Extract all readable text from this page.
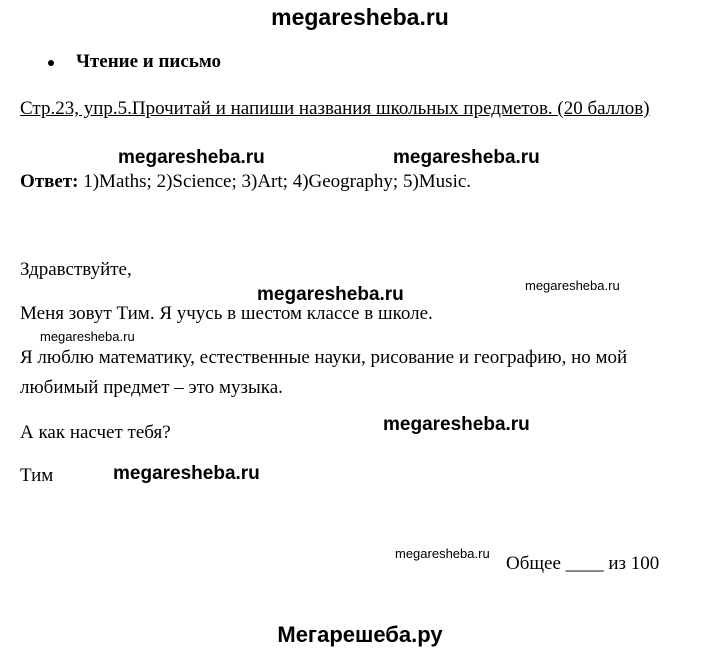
megaresheba.ru
Чтение и письмо
Стр.23, упр.5.Прочитай и напиши названия школьных предметов. (20 баллов)
megaresheba.ru	megaresheba.ru
Ответ: 1)Maths; 2)Science; 3)Art; 4)Geography; 5)Music.
Здравствуйте,
megaresheba.ru
megaresheba.ru
Меня зовут Тим. Я учусь в шестом классе в школе.
megaresheba.ru
Я люблю математику, естественные науки, рисование и географию, но мой любимый предмет – это музыка.
megaresheba.ru
А как насчет тебя?
Тим	megaresheba.ru
megaresheba.ru Общее ____ из 100
Мегарешеба.ру
